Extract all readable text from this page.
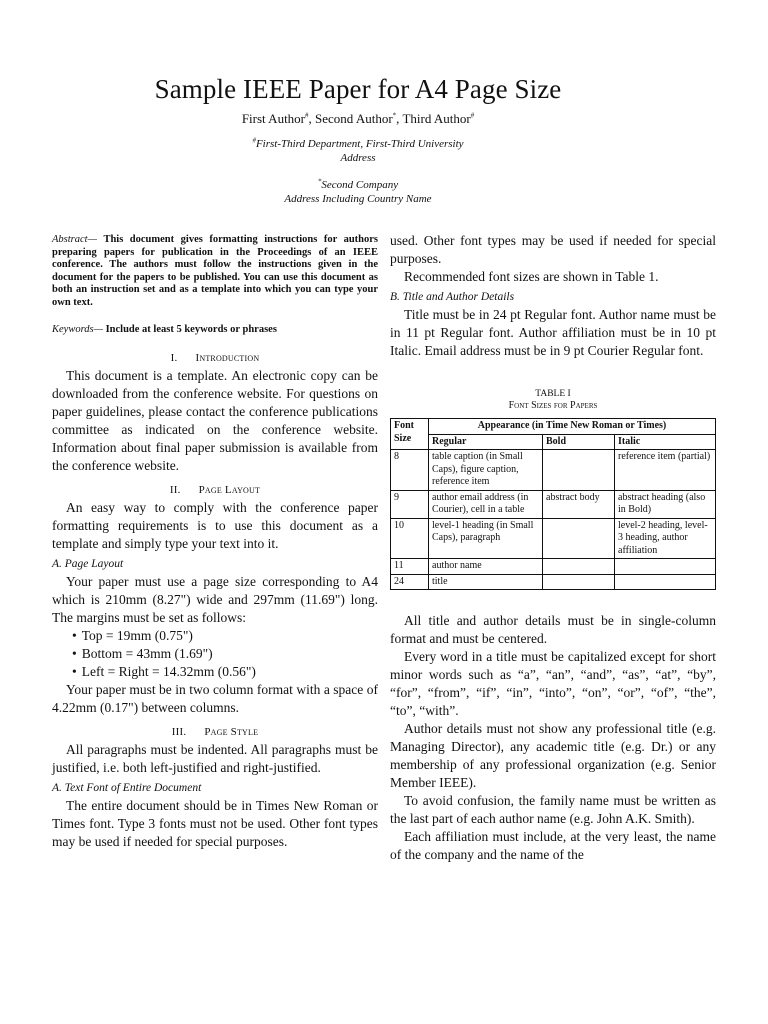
Sample IEEE Paper for A4 Page Size
First Author#, Second Author*, Third Author#
#First-Third Department, First-Third University
Address
*Second Company
Address Including Country Name

Abstract— This document gives formatting instructions for authors preparing papers for publication in the Proceedings of an IEEE conference. The authors must follow the instructions given in the document for the papers to be published. You can use this document as both an instruction set and as a template into which you can type your own text.

Keywords— Include at least 5 keywords or phrases

I. Introduction

This document is a template. An electronic copy can be downloaded from the conference website. For questions on paper guidelines, please contact the conference publications committee as indicated on the conference website. Information about final paper submission is available from the conference website.

II. Page Layout

An easy way to comply with the conference paper formatting requirements is to use this document as a template and simply type your text into it.

A. Page Layout

Your paper must use a page size corresponding to A4 which is 210mm (8.27") wide and 297mm (11.69") long. The margins must be set as follows:

• Top = 19mm (0.75")
• Bottom = 43mm (1.69")
• Left = Right = 14.32mm (0.56")

Your paper must be in two column format with a space of 4.22mm (0.17") between columns.

III. Page Style

All paragraphs must be indented. All paragraphs must be justified, i.e. both left-justified and right-justified.

A. Text Font of Entire Document

The entire document should be in Times New Roman or Times font. Type 3 fonts must not be used. Other font types may be used if needed for special purposes.

used. Other font types may be used if needed for special purposes.

Recommended font sizes are shown in Table 1.

B. Title and Author Details

Title must be in 24 pt Regular font. Author name must be in 11 pt Regular font. Author affiliation must be in 10 pt Italic. Email address must be in 9 pt Courier Regular font.

TABLE I
Font Sizes for Papers
Font Size	Appearance (in Time New Roman or Times)		
	Regular	Bold	Italic
8	table caption (in Small Caps), figure caption, reference item		reference item (partial)
9	author email address (in Courier), cell in a table	abstract body	abstract heading (also in Bold)
10	level-1 heading (in Small Caps), paragraph		level-2 heading, level-3 heading, author affiliation
11	author name		
24	title		

All title and author details must be in single-column format and must be centered.

Every word in a title must be capitalized except for short minor words such as “a”, “an”, “and”, “as”, “at”, “by”, “for”, “from”, “if”, “in”, “into”, “on”, “or”, “of”, “the”, “to”, “with”.

Author details must not show any professional title (e.g. Managing Director), any academic title (e.g. Dr.) or any membership of any professional organization (e.g. Senior Member IEEE).

To avoid confusion, the family name must be written as the last part of each author name (e.g. John A.K. Smith).

Each affiliation must include, at the very least, the name of the company and the name of the
